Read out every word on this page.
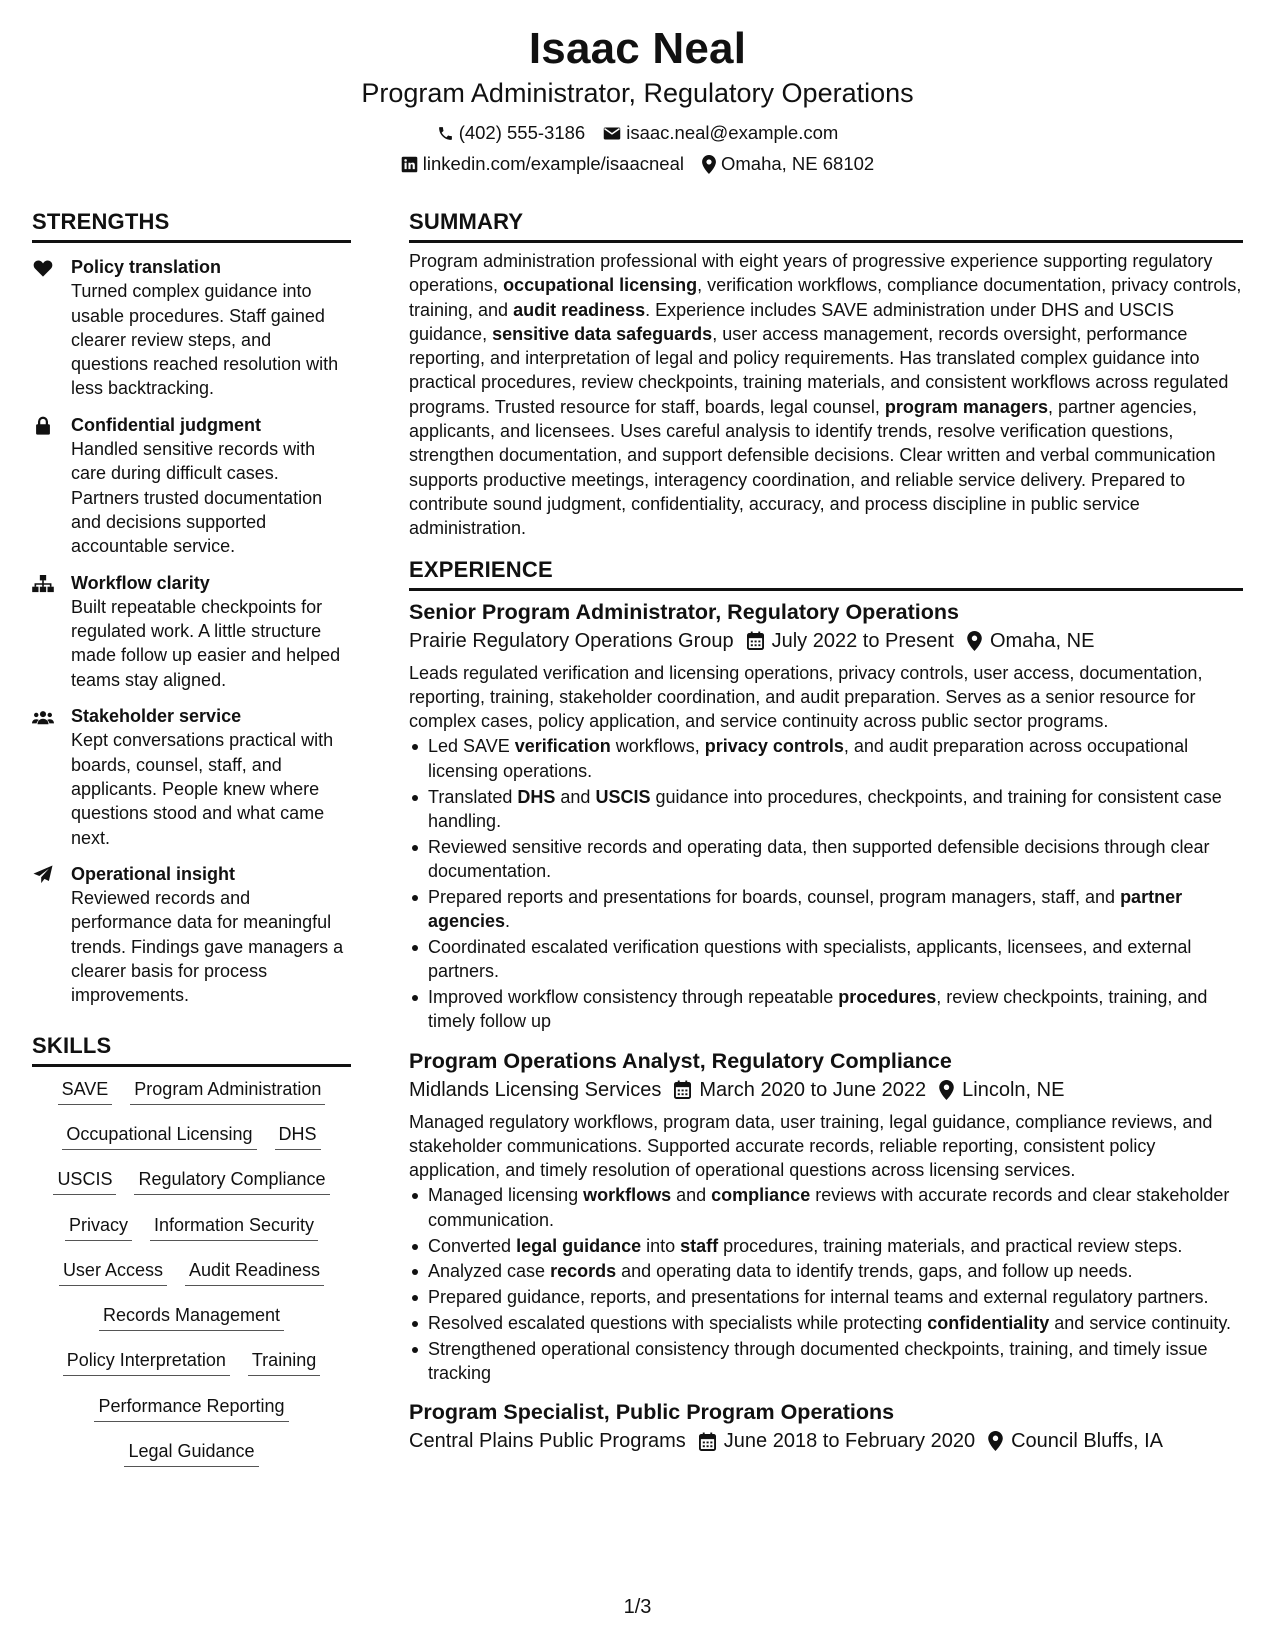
Isaac Neal
Program Administrator, Regulatory Operations
(402) 555-3186 isaac.neal@example.com
linkedin.com/example/isaacneal Omaha, NE 68102
STRENGTHS
Policy translation
Turned complex guidance into usable procedures. Staff gained clearer review steps, and questions reached resolution with less backtracking.
Confidential judgment
Handled sensitive records with care during difficult cases. Partners trusted documentation and decisions supported accountable service.
Workflow clarity
Built repeatable checkpoints for regulated work. A little structure made follow up easier and helped teams stay aligned.
Stakeholder service
Kept conversations practical with boards, counsel, staff, and applicants. People knew where questions stood and what came next.
Operational insight
Reviewed records and performance data for meaningful trends. Findings gave managers a clearer basis for process improvements.
SKILLS
SAVE Program Administration
Occupational Licensing DHS
USCIS Regulatory Compliance
Privacy Information Security
User Access Audit Readiness
Records Management
Policy Interpretation Training
Performance Reporting
Legal Guidance
SUMMARY

Program administration professional with eight years of progressive experience supporting regulatory operations, occupational licensing, verification workflows, compliance documentation, privacy controls, training, and audit readiness. Experience includes SAVE administration under DHS and USCIS guidance, sensitive data safeguards, user access management, records oversight, performance reporting, and interpretation of legal and policy requirements. Has translated complex guidance into practical procedures, review checkpoints, training materials, and consistent workflows across regulated programs. Trusted resource for staff, boards, legal counsel, program managers, partner agencies, applicants, and licensees. Uses careful analysis to identify trends, resolve verification questions, strengthen documentation, and support defensible decisions. Clear written and verbal communication supports productive meetings, interagency coordination, and reliable service delivery. Prepared to contribute sound judgment, confidentiality, accuracy, and process discipline in public service administration.

EXPERIENCE
Senior Program Administrator, Regulatory Operations
Prairie Regulatory Operations Group July 2022 to Present Omaha, NE

Leads regulated verification and licensing operations, privacy controls, user access, documentation, reporting, training, stakeholder coordination, and audit preparation. Serves as a senior resource for complex cases, policy application, and service continuity across public sector programs.

Led SAVE verification workflows, privacy controls, and audit preparation across occupational licensing operations.
Translated DHS and USCIS guidance into procedures, checkpoints, and training for consistent case handling.
Reviewed sensitive records and operating data, then supported defensible decisions through clear documentation.
Prepared reports and presentations for boards, counsel, program managers, staff, and partner agencies.
Coordinated escalated verification questions with specialists, applicants, licensees, and external partners.
Improved workflow consistency through repeatable procedures, review checkpoints, training, and timely follow up
Program Operations Analyst, Regulatory Compliance
Midlands Licensing Services March 2020 to June 2022 Lincoln, NE

Managed regulatory workflows, program data, user training, legal guidance, compliance reviews, and stakeholder communications. Supported accurate records, reliable reporting, consistent policy application, and timely resolution of operational questions across licensing services.

Managed licensing workflows and compliance reviews with accurate records and clear stakeholder communication.
Converted legal guidance into staff procedures, training materials, and practical review steps.
Analyzed case records and operating data to identify trends, gaps, and follow up needs.
Prepared guidance, reports, and presentations for internal teams and external regulatory partners.
Resolved escalated questions with specialists while protecting confidentiality and service continuity.
Strengthened operational consistency through documented checkpoints, training, and timely issue tracking
Program Specialist, Public Program Operations
Central Plains Public Programs June 2018 to February 2020 Council Bluffs, IA
1/3
